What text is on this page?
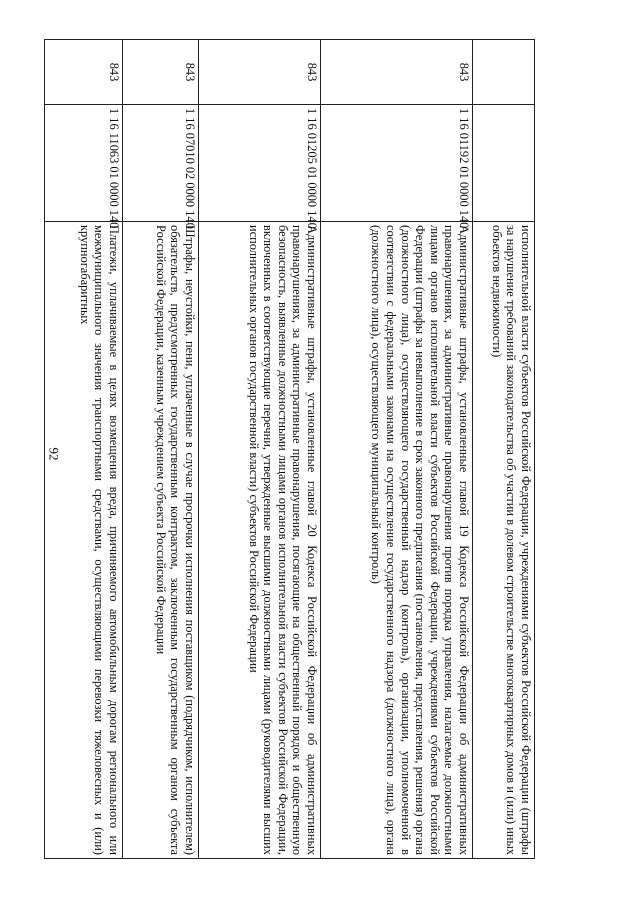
92
			исполнительной власти субъектов Российской Федерации, учреждениями субъектов Российской Федерации (штрафы за нарушение требований законодательства об участии в долевом строительстве многоквартирных домов и (или) иных объектов недвижимости)
843	1 16 01192 01 0000 140	Административные штрафы, установленные главой 19 Кодекса Российской Федерации об административных правонарушениях, за административные правонарушения против порядка управления, налагаемые должностными лицами органов исполнительной власти субъектов Российской Федерации, учреждениями субъектов Российской Федерации (штрафы за невыполнение в срок законного предписания (постановления, представления, решения) органа (должностного лица), осуществляющего государственный надзор (контроль), организации, уполномоченной в соответствии с федеральными законами на осуществление государственного надзора (должностного лица), органа (должностного лица), осуществляющего муниципальный контроль)
843	1 16 01205 01 0000 140	Административные штрафы, установленные главой 20 Кодекса Российской Федерации об административных правонарушениях, за административные правонарушения, посягающие на общественный порядок и общественную безопасность, выявленные должностными лицами органов исполнительной власти субъектов Российской Федерации, включенных в соответствующие перечни, утвержденные высшими должностными лицами (руководителями высших исполнительных органов государственной власти) субъектов Российской Федерации
843	1 16 07010 02 0000 140	Штрафы, неустойки, пени, уплаченные в случае просрочки исполнения поставщиком (подрядчиком, исполнителем) обязательств, предусмотренных государственным контрактом, заключенным государственным органом субъекта Российской Федерации, казенным учреждением субъекта Российской Федерации
843	1 16 11063 01 0000 140	Платежи, уплачиваемые в целях возмещения вреда, причиняемого автомобильным дорогам регионального или межмуниципального значения транспортными средствами, осуществляющими перевозки тяжеловесных и (или) крупногабаритных
